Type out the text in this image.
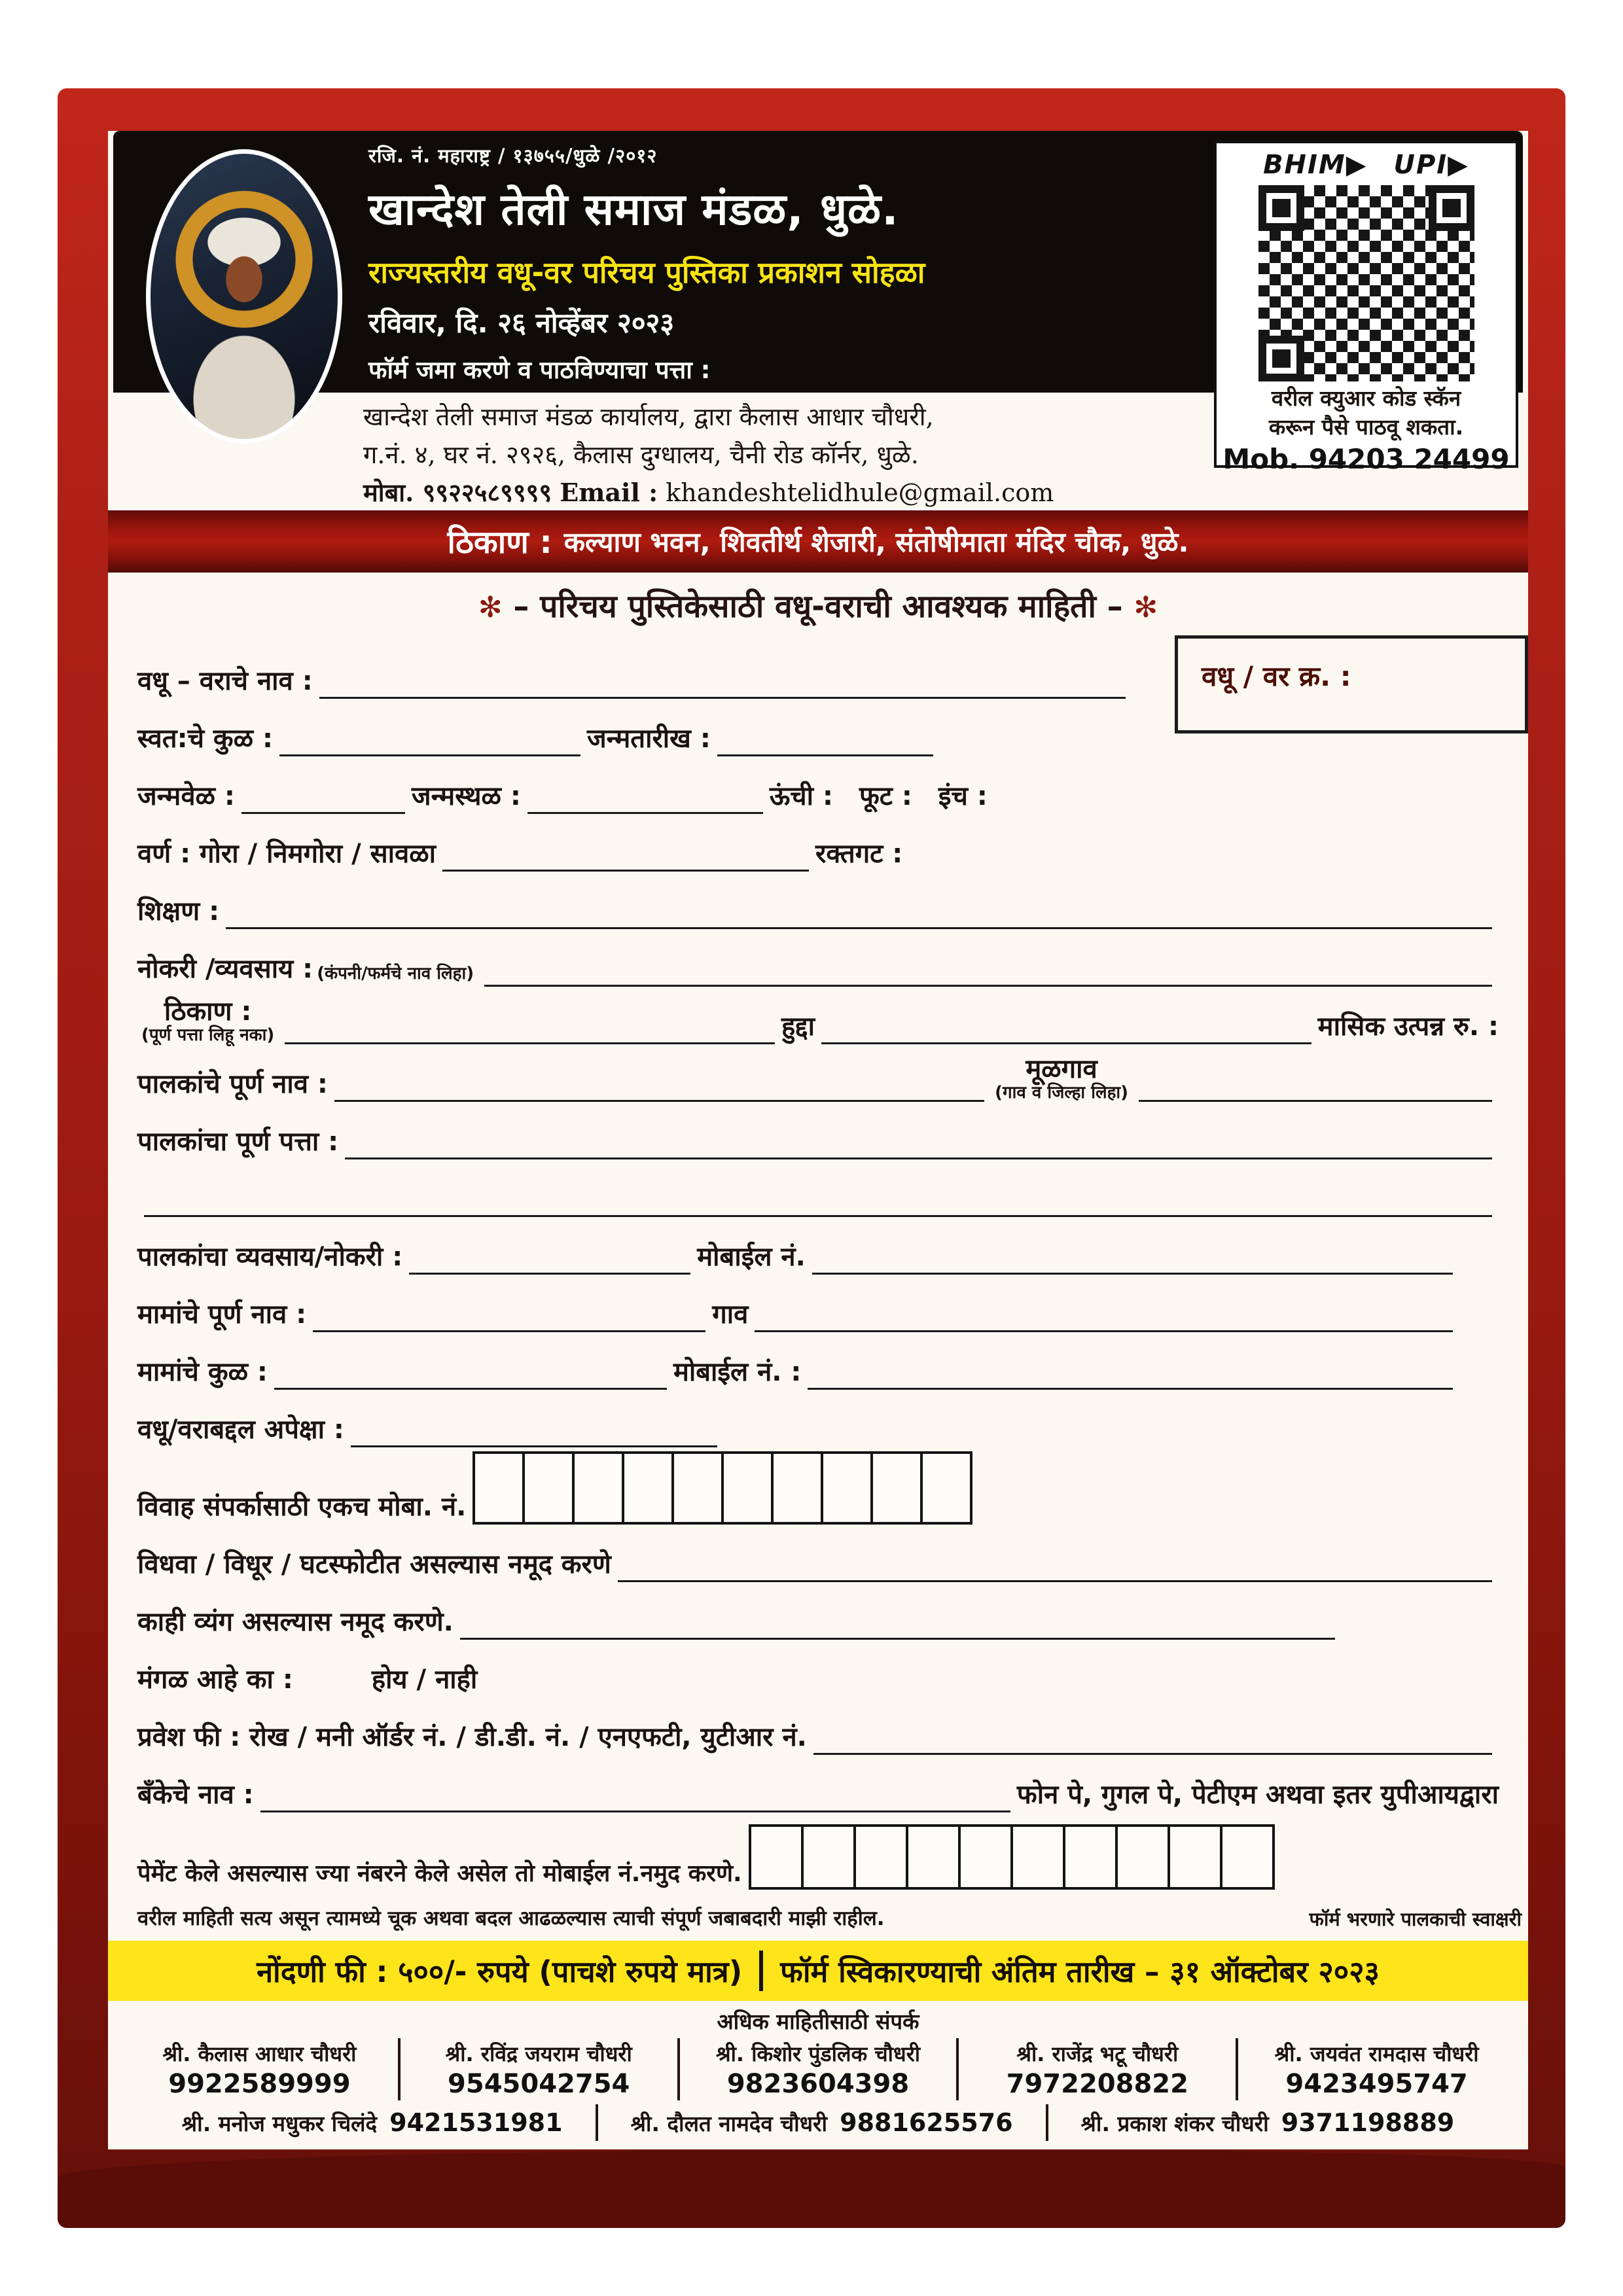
रजि. नं. महाराष्ट्र / १३७५५/धुळे /२०१२
खान्देश तेली समाज मंडळ, धुळे.
राज्यस्तरीय वधू-वर परिचय पुस्तिका प्रकाशन सोहळा
रविवार, दि. २६ नोव्हेंबर २०२३
फॉर्म जमा करणे व पाठविण्याचा पत्ता :
खान्देश तेली समाज मंडळ कार्यालय, द्वारा कैलास आधार चौधरी,
ग.नं. ४, घर नं. २९२६, कैलास दुग्धालय, चैनी रोड कॉर्नर, धुळे.
मोबा. ९९२२५८९९९९ Email : khandeshtelidhule@gmail.com
BHIM▶ UPI▶
वरील क्युआर कोड स्कॅन
करून पैसे पाठवू शकता.
Mob. 94203 24499
ठिकाण : कल्याण भवन, शिवतीर्थ शेजारी, संतोषीमाता मंदिर चौक, धुळे.
वधू / वर क्र. :
✻ – परिचय पुस्तिकेसाठी वधू-वराची आवश्यक माहिती – ✻
वधू – वराचे नाव :
स्वत:चे कुळ :	जन्मतारीख :
जन्मवेळ :	जन्मस्थळ :	ऊंची : फूट : इंच :
वर्ण : गोरा / निमगोरा / सावळा	रक्तगट :
शिक्षण :
नोकरी /व्यवसाय : (कंपनी/फर्मचे नाव लिहा)
ठिकाण :
(पूर्ण पत्ता लिहू नका)	हुद्दा	मासिक उत्पन्न रु. :
पालकांचे पूर्ण नाव :
मूळगाव
(गाव व जिल्हा लिहा)
पालकांचा पूर्ण पत्ता :
पालकांचा व्यवसाय/नोकरी :	मोबाईल नं.
मामांचे पूर्ण नाव :	गाव
मामांचे कुळ :	मोबाईल नं. :
वधू/वराबद्दल अपेक्षा :
विवाह संपर्कासाठी एकच मोबा. नं.
विधवा / विधूर / घटस्फोटीत असल्यास नमूद करणे
काही व्यंग असल्यास नमूद करणे.
मंगळ आहे का :	होय / नाही
प्रवेश फी : रोख / मनी ऑर्डर नं. / डी.डी. नं. / एनएफटी, युटीआर नं.
बँकेचे नाव :	फोन पे, गुगल पे, पेटीएम अथवा इतर युपीआयद्वारा
पेमेंट केले असल्यास ज्या नंबरने केले असेल तो मोबाईल नं.नमुद करणे.
वरील माहिती सत्य असून त्यामध्ये चूक अथवा बदल आढळल्यास त्याची संपूर्ण जबाबदारी माझी राहील.	फॉर्म भरणारे पालकाची स्वाक्षरी
नोंदणी फी : ५००/- रुपये (पाचशे रुपये मात्र)	फॉर्म स्विकारण्याची अंतिम तारीख – ३१ ऑक्टोबर २०२३
अधिक माहितीसाठी संपर्क
श्री. कैलास आधार चौधरी
9922589999
श्री. रविंद्र जयराम चौधरी
9545042754
श्री. किशोर पुंडलिक चौधरी
9823604398
श्री. राजेंद्र भटू चौधरी
7972208822
श्री. जयवंत रामदास चौधरी
9423495747
श्री. मनोज मधुकर चिलंदे 9421531981	श्री. दौलत नामदेव चौधरी 9881625576	श्री. प्रकाश शंकर चौधरी 9371198889
